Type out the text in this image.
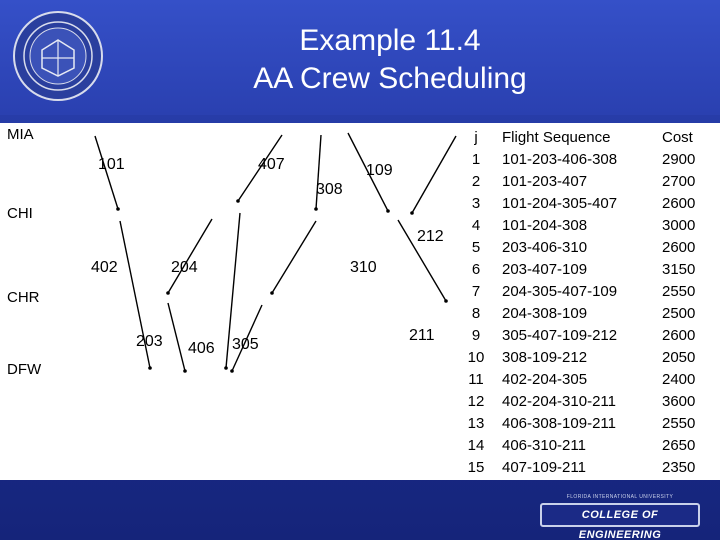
Example 11.4
AA Crew Scheduling
MIA
CHI
CHR
DFW
101	407
308
109
212
402	204	310
203 406 305
211
j	Flight Sequence	Cost
1	101-203-406-308	2900
2	101-203-407	2700
3	101-204-305-407	2600
4	101-204-308	3000
5	203-406-310	2600
6	203-407-109	3150
7	204-305-407-109	2550
8	204-308-109	2500
9	305-407-109-212	2600
10	308-109-212	2050
11	402-204-305	2400
12	402-204-310-211	3600
13	406-308-109-211	2550
14	406-310-211	2650
15	407-109-211	2350
FLORIDA INTERNATIONAL UNIVERSITY
COLLEGE OF ENGINEERING
